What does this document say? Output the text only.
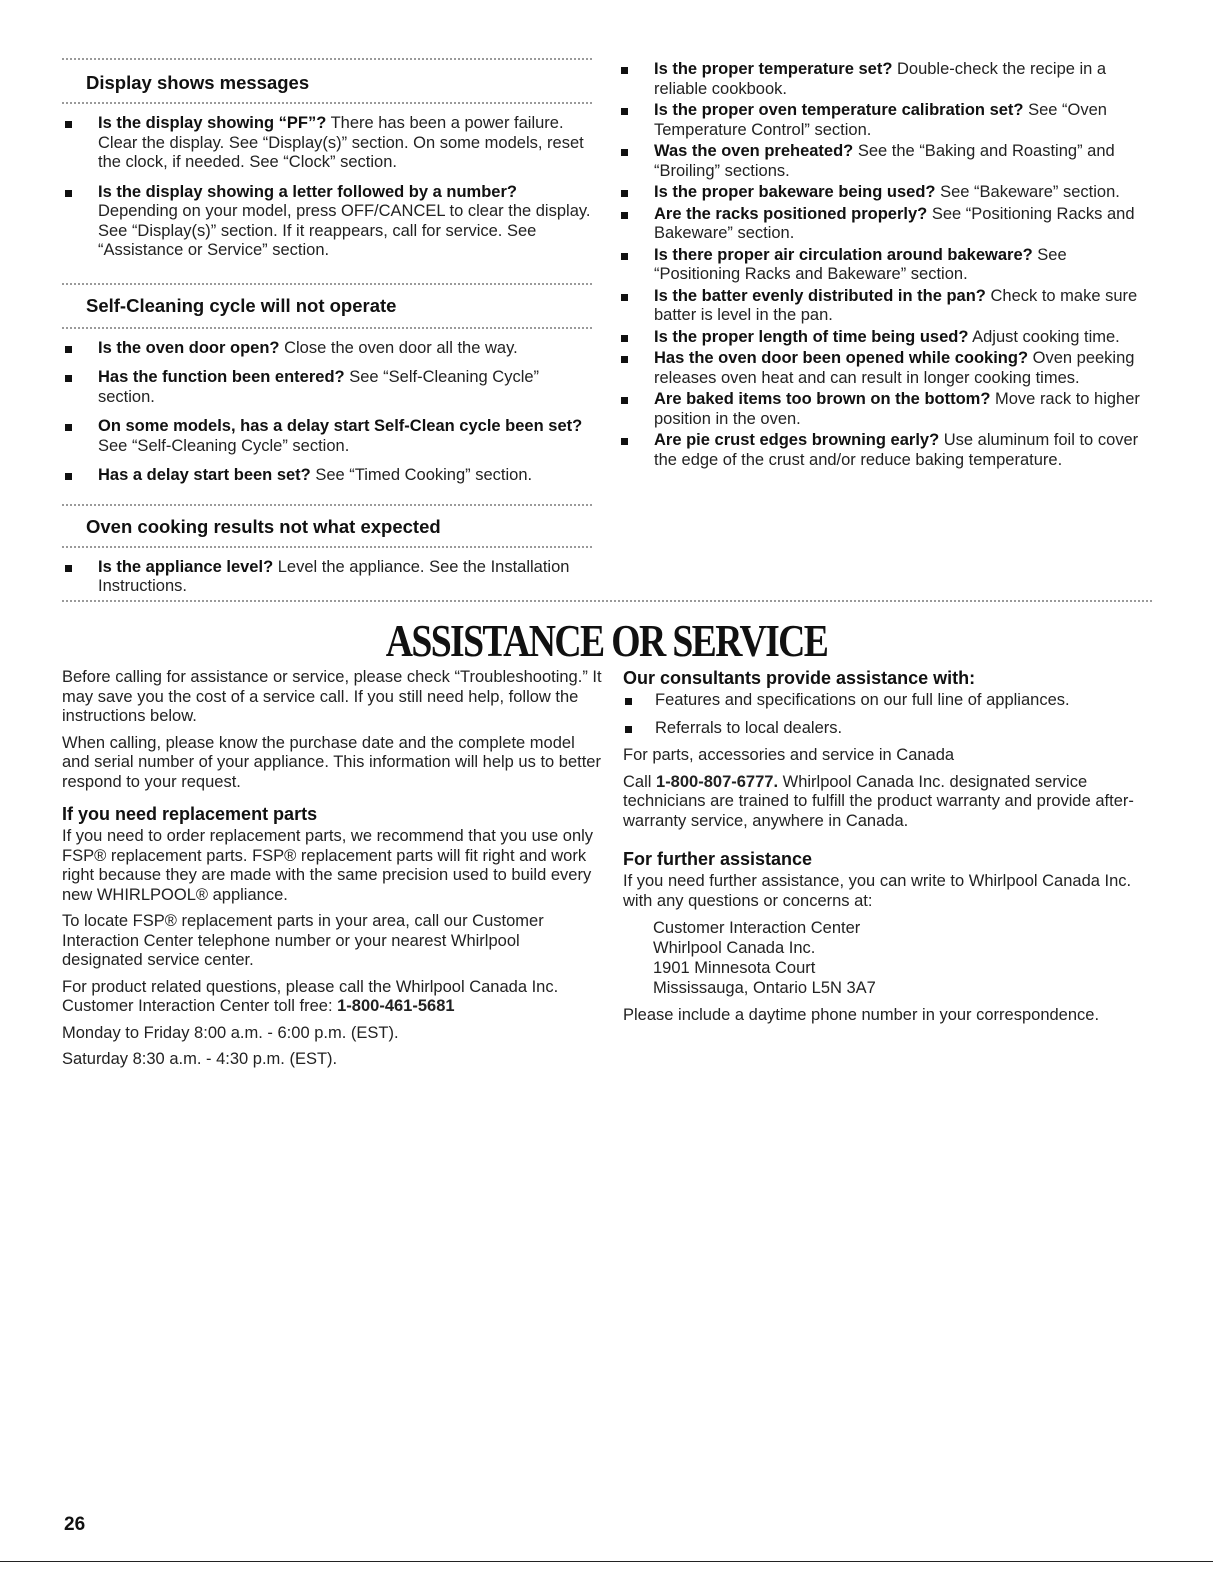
Display shows messages
Is the display showing “PF”? There has been a power failure. Clear the display. See “Display(s)” section. On some models, reset the clock, if needed. See “Clock” section.
Is the display showing a letter followed by a number? Depending on your model, press OFF/CANCEL to clear the display. See “Display(s)” section. If it reappears, call for service. See “Assistance or Service” section.
Self-Cleaning cycle will not operate
Is the oven door open? Close the oven door all the way.
Has the function been entered? See “Self-Cleaning Cycle” section.
On some models, has a delay start Self-Clean cycle been set? See “Self-Cleaning Cycle” section.
Has a delay start been set? See “Timed Cooking” section.
Oven cooking results not what expected
Is the appliance level? Level the appliance. See the Installation Instructions.
Is the proper temperature set? Double-check the recipe in a reliable cookbook.
Is the proper oven temperature calibration set? See “Oven Temperature Control” section.
Was the oven preheated? See the “Baking and Roasting” and “Broiling” sections.
Is the proper bakeware being used? See “Bakeware” section.
Are the racks positioned properly? See “Positioning Racks and Bakeware” section.
Is there proper air circulation around bakeware? See “Positioning Racks and Bakeware” section.
Is the batter evenly distributed in the pan? Check to make sure batter is level in the pan.
Is the proper length of time being used? Adjust cooking time.
Has the oven door been opened while cooking? Oven peeking releases oven heat and can result in longer cooking times.
Are baked items too brown on the bottom? Move rack to higher position in the oven.
Are pie crust edges browning early? Use aluminum foil to cover the edge of the crust and/or reduce baking temperature.
ASSISTANCE OR SERVICE

Before calling for assistance or service, please check “Troubleshooting.” It may save you the cost of a service call. If you still need help, follow the instructions below.

When calling, please know the purchase date and the complete model and serial number of your appliance. This information will help us to better respond to your request.

If you need replacement parts

If you need to order replacement parts, we recommend that you use only FSP® replacement parts. FSP® replacement parts will fit right and work right because they are made with the same precision used to build every new WHIRLPOOL® appliance.

To locate FSP® replacement parts in your area, call our Customer Interaction Center telephone number or your nearest Whirlpool designated service center.

For product related questions, please call the Whirlpool Canada Inc. Customer Interaction Center toll free: 1-800-461-5681

Monday to Friday 8:00 a.m. - 6:00 p.m. (EST).

Saturday 8:30 a.m. - 4:30 p.m. (EST).

Our consultants provide assistance with:
Features and specifications on our full line of appliances.
Referrals to local dealers.

For parts, accessories and service in Canada

Call 1-800-807-6777. Whirlpool Canada Inc. designated service technicians are trained to fulfill the product warranty and provide after-warranty service, anywhere in Canada.

For further assistance

If you need further assistance, you can write to Whirlpool Canada Inc. with any questions or concerns at:

Customer Interaction Center
Whirlpool Canada Inc.
1901 Minnesota Court
Mississauga, Ontario L5N 3A7

Please include a daytime phone number in your correspondence.

26
